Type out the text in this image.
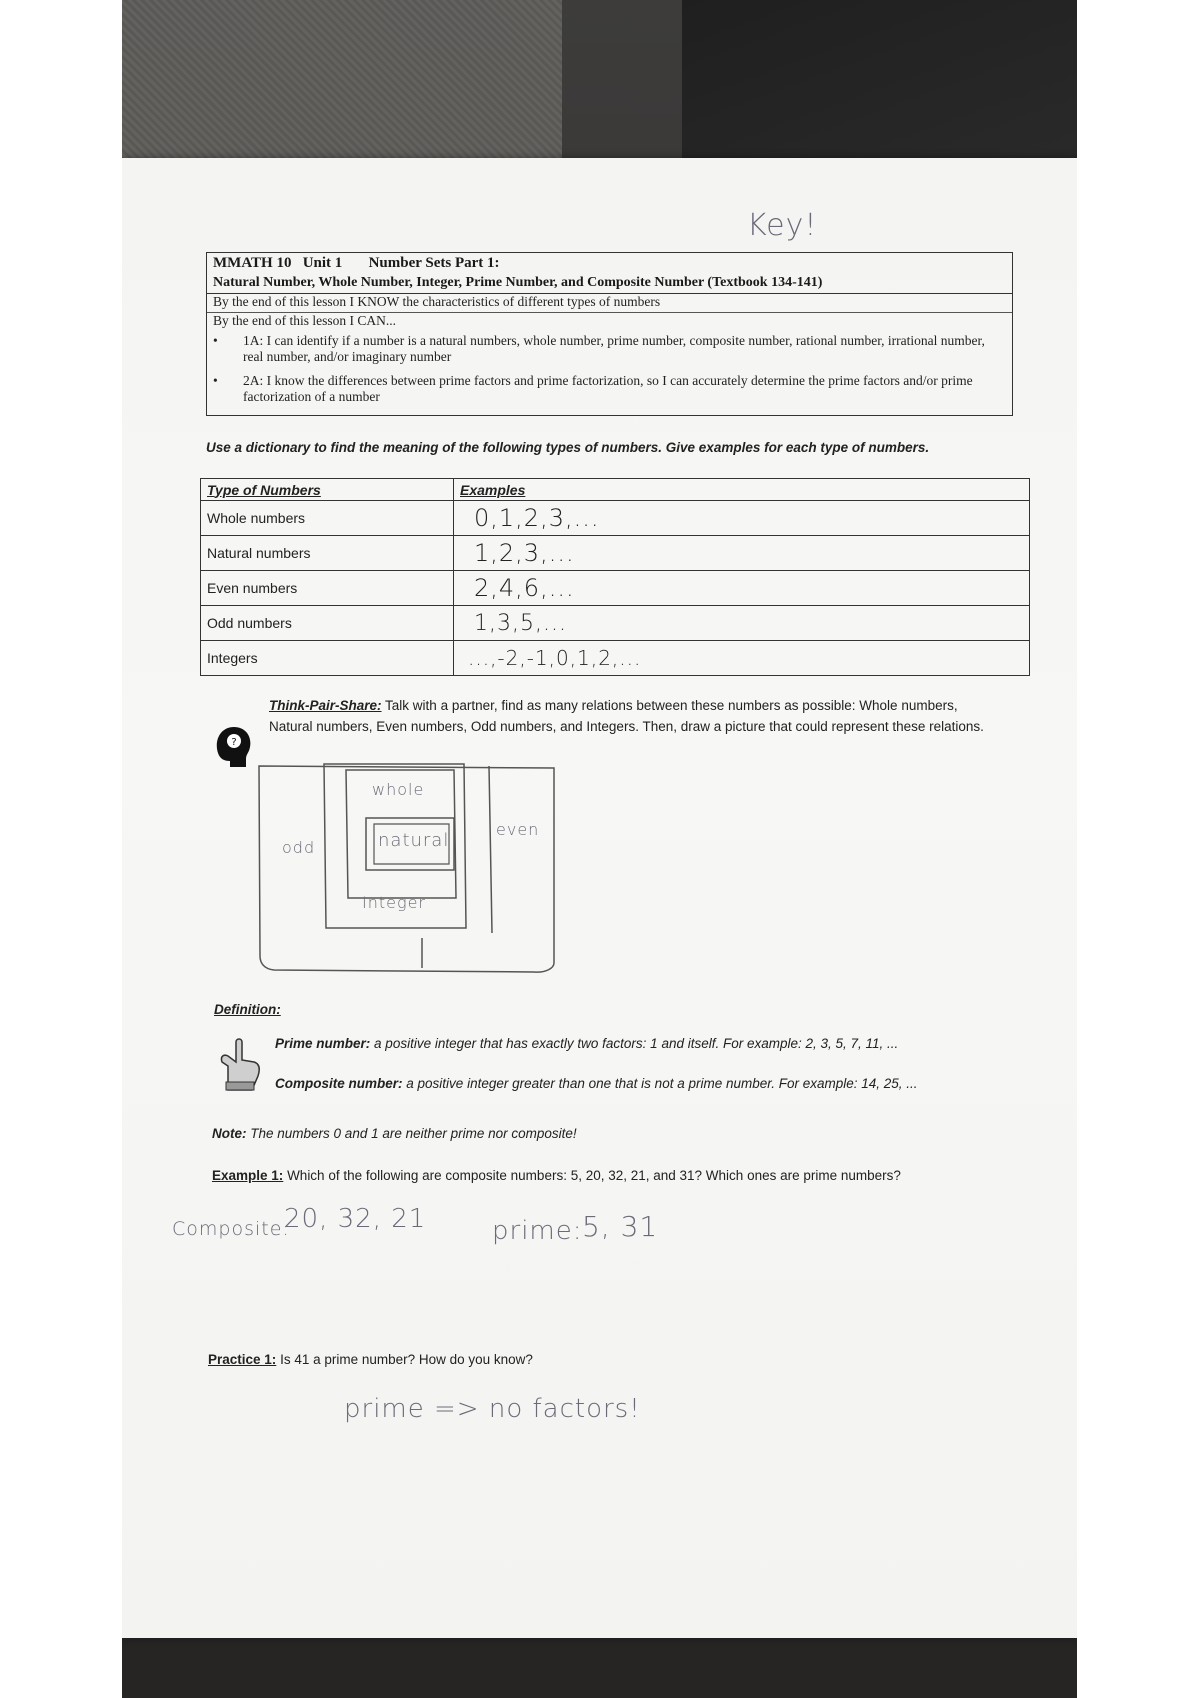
Key!
MMATH 10 Unit 1 Number Sets Part 1:
Natural Number, Whole Number, Integer, Prime Number, and Composite Number (Textbook 134-141)
By the end of this lesson I KNOW the characteristics of different types of numbers
By the end of this lesson I CAN...
• 1A: I can identify if a number is a natural numbers, whole number, prime number, composite number, rational number, irrational number, real number, and/or imaginary number
• 2A: I know the differences between prime factors and prime factorization, so I can accurately determine the prime factors and/or prime factorization of a number
Use a dictionary to find the meaning of the following types of numbers. Give examples for each type of numbers.
Type of Numbers	Examples
Whole numbers	0,1,2,3,...
Natural numbers	1,2,3,...
Even numbers	2,4,6,...
Odd numbers	1,3,5,...
Integers	...,-2,-1,0,1,2,...
?
Think-Pair-Share: Talk with a partner, find as many relations between these numbers as possible: Whole numbers, Natural numbers, Even numbers, Odd numbers, and Integers. Then, draw a picture that could represent these relations.
whole
natural
even
odd
Integer
Definition:
Prime number: a positive integer that has exactly two factors: 1 and itself. For example: 2, 3, 5, 7, 11, ...
Composite number: a positive integer greater than one that is not a prime number. For example: 14, 25, ...
Note: The numbers 0 and 1 are neither prime nor composite!
Example 1: Which of the following are composite numbers: 5, 20, 32, 21, and 31? Which ones are prime numbers?
Composite:
20, 32, 21	prime: 5, 31
Practice 1: Is 41 a prime number? How do you know?
prime => no factors!
